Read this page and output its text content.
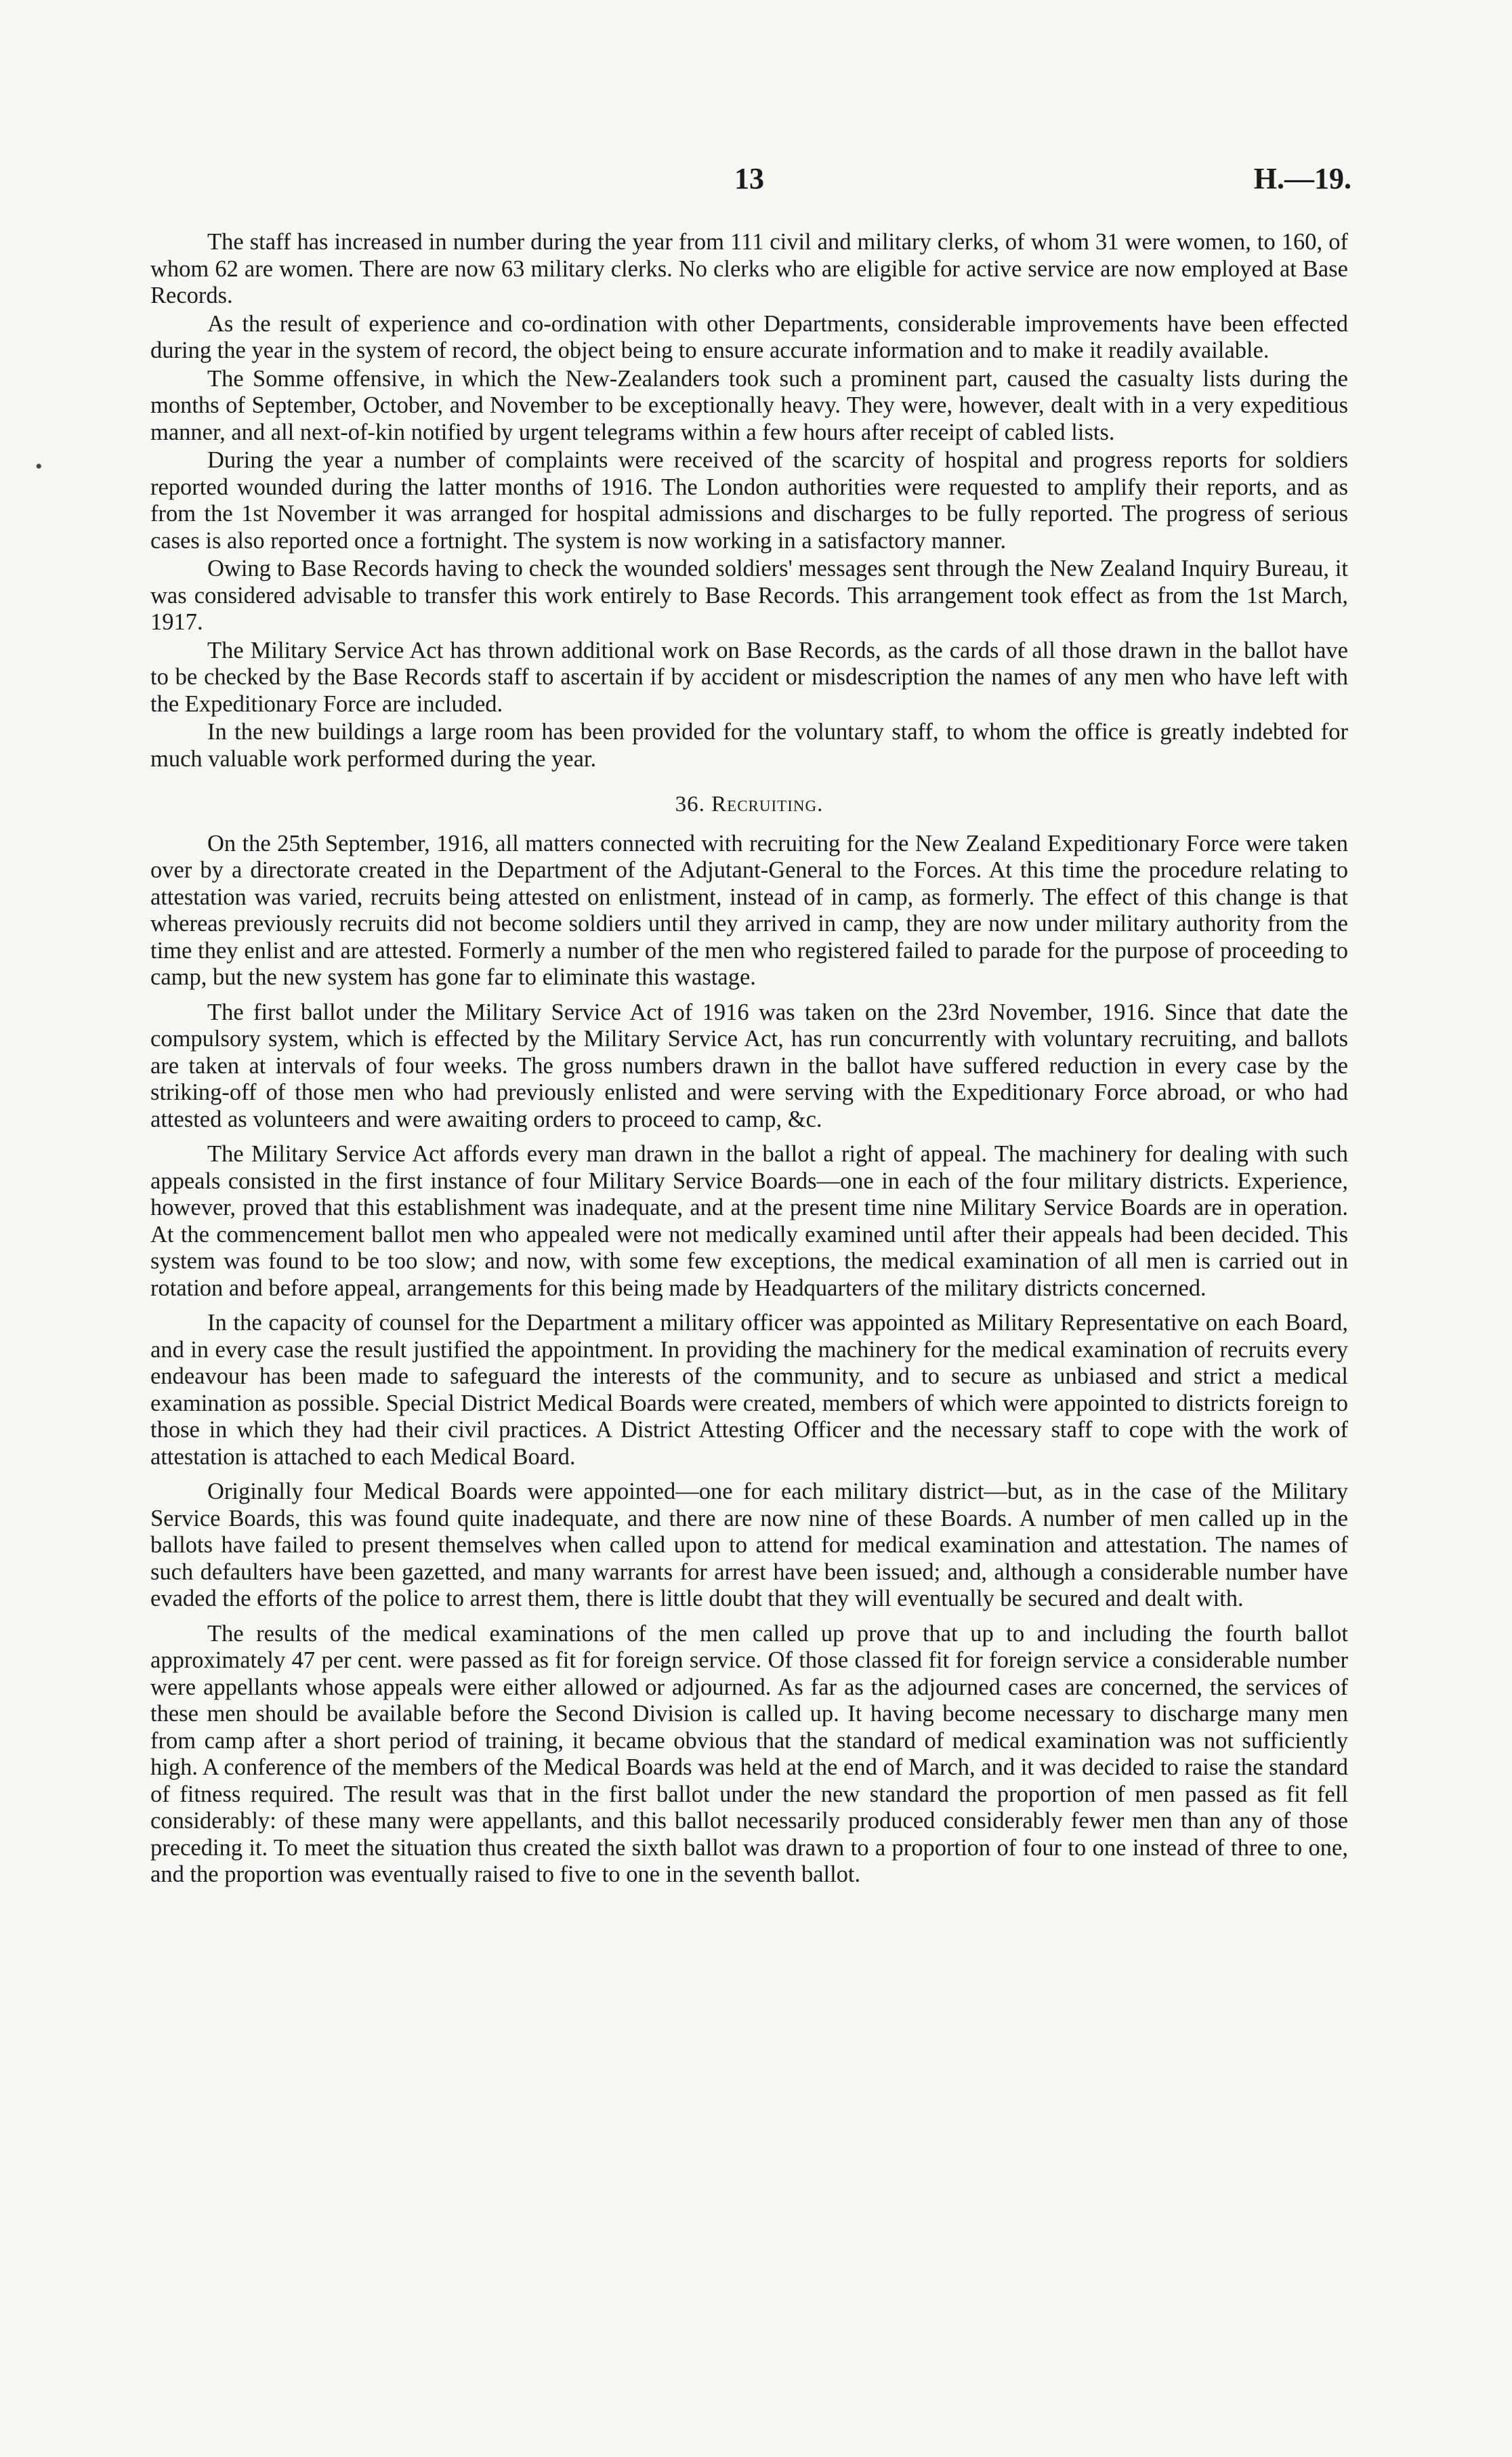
13	H.—19.
•

The staff has increased in number during the year from 111 civil and military clerks, of whom 31 were women, to 160, of whom 62 are women. There are now 63 military clerks. No clerks who are eligible for active service are now employed at Base Records.

As the result of experience and co-ordination with other Departments, considerable improvements have been effected during the year in the system of record, the object being to ensure accurate information and to make it readily available.

The Somme offensive, in which the New-Zealanders took such a prominent part, caused the casualty lists during the months of September, October, and November to be exceptionally heavy. They were, however, dealt with in a very expeditious manner, and all next-of-kin notified by urgent telegrams within a few hours after receipt of cabled lists.

During the year a number of complaints were received of the scarcity of hospital and progress reports for soldiers reported wounded during the latter months of 1916. The London authorities were requested to amplify their reports, and as from the 1st November it was arranged for hospital admissions and discharges to be fully reported. The progress of serious cases is also reported once a fortnight. The system is now working in a satisfactory manner.

Owing to Base Records having to check the wounded soldiers' messages sent through the New Zealand Inquiry Bureau, it was considered advisable to transfer this work entirely to Base Records. This arrangement took effect as from the 1st March, 1917.

The Military Service Act has thrown additional work on Base Records, as the cards of all those drawn in the ballot have to be checked by the Base Records staff to ascertain if by accident or misdescription the names of any men who have left with the Expeditionary Force are included.

In the new buildings a large room has been provided for the voluntary staff, to whom the office is greatly indebted for much valuable work performed during the year.

36. Recruiting.

On the 25th September, 1916, all matters connected with recruiting for the New Zealand Expeditionary Force were taken over by a directorate created in the Department of the Adjutant-General to the Forces. At this time the procedure relating to attestation was varied, recruits being attested on enlistment, instead of in camp, as formerly. The effect of this change is that whereas previously recruits did not become soldiers until they arrived in camp, they are now under military authority from the time they enlist and are attested. Formerly a number of the men who registered failed to parade for the purpose of proceeding to camp, but the new system has gone far to eliminate this wastage.

The first ballot under the Military Service Act of 1916 was taken on the 23rd November, 1916. Since that date the compulsory system, which is effected by the Military Service Act, has run concurrently with voluntary recruiting, and ballots are taken at intervals of four weeks. The gross numbers drawn in the ballot have suffered reduction in every case by the striking-off of those men who had previously enlisted and were serving with the Expeditionary Force abroad, or who had attested as volunteers and were awaiting orders to proceed to camp, &c.

The Military Service Act affords every man drawn in the ballot a right of appeal. The machinery for dealing with such appeals consisted in the first instance of four Military Service Boards—one in each of the four military districts. Experience, however, proved that this establishment was inadequate, and at the present time nine Military Service Boards are in operation. At the commencement ballot men who appealed were not medically examined until after their appeals had been decided. This system was found to be too slow; and now, with some few exceptions, the medical examination of all men is carried out in rotation and before appeal, arrangements for this being made by Headquarters of the military districts concerned.

In the capacity of counsel for the Department a military officer was appointed as Military Representative on each Board, and in every case the result justified the appointment. In providing the machinery for the medical examination of recruits every endeavour has been made to safeguard the interests of the community, and to secure as unbiased and strict a medical examination as possible. Special District Medical Boards were created, members of which were appointed to districts foreign to those in which they had their civil practices. A District Attesting Officer and the necessary staff to cope with the work of attestation is attached to each Medical Board.

Originally four Medical Boards were appointed—one for each military district—but, as in the case of the Military Service Boards, this was found quite inadequate, and there are now nine of these Boards. A number of men called up in the ballots have failed to present themselves when called upon to attend for medical examination and attestation. The names of such defaulters have been gazetted, and many warrants for arrest have been issued; and, although a considerable number have evaded the efforts of the police to arrest them, there is little doubt that they will eventually be secured and dealt with.

The results of the medical examinations of the men called up prove that up to and including the fourth ballot approximately 47 per cent. were passed as fit for foreign service. Of those classed fit for foreign service a considerable number were appellants whose appeals were either allowed or adjourned. As far as the adjourned cases are concerned, the services of these men should be available before the Second Division is called up. It having become necessary to discharge many men from camp after a short period of training, it became obvious that the standard of medical examination was not sufficiently high. A conference of the members of the Medical Boards was held at the end of March, and it was decided to raise the standard of fitness required. The result was that in the first ballot under the new standard the proportion of men passed as fit fell considerably: of these many were appellants, and this ballot necessarily produced considerably fewer men than any of those preceding it. To meet the situation thus created the sixth ballot was drawn to a proportion of four to one instead of three to one, and the proportion was eventually raised to five to one in the seventh ballot.
